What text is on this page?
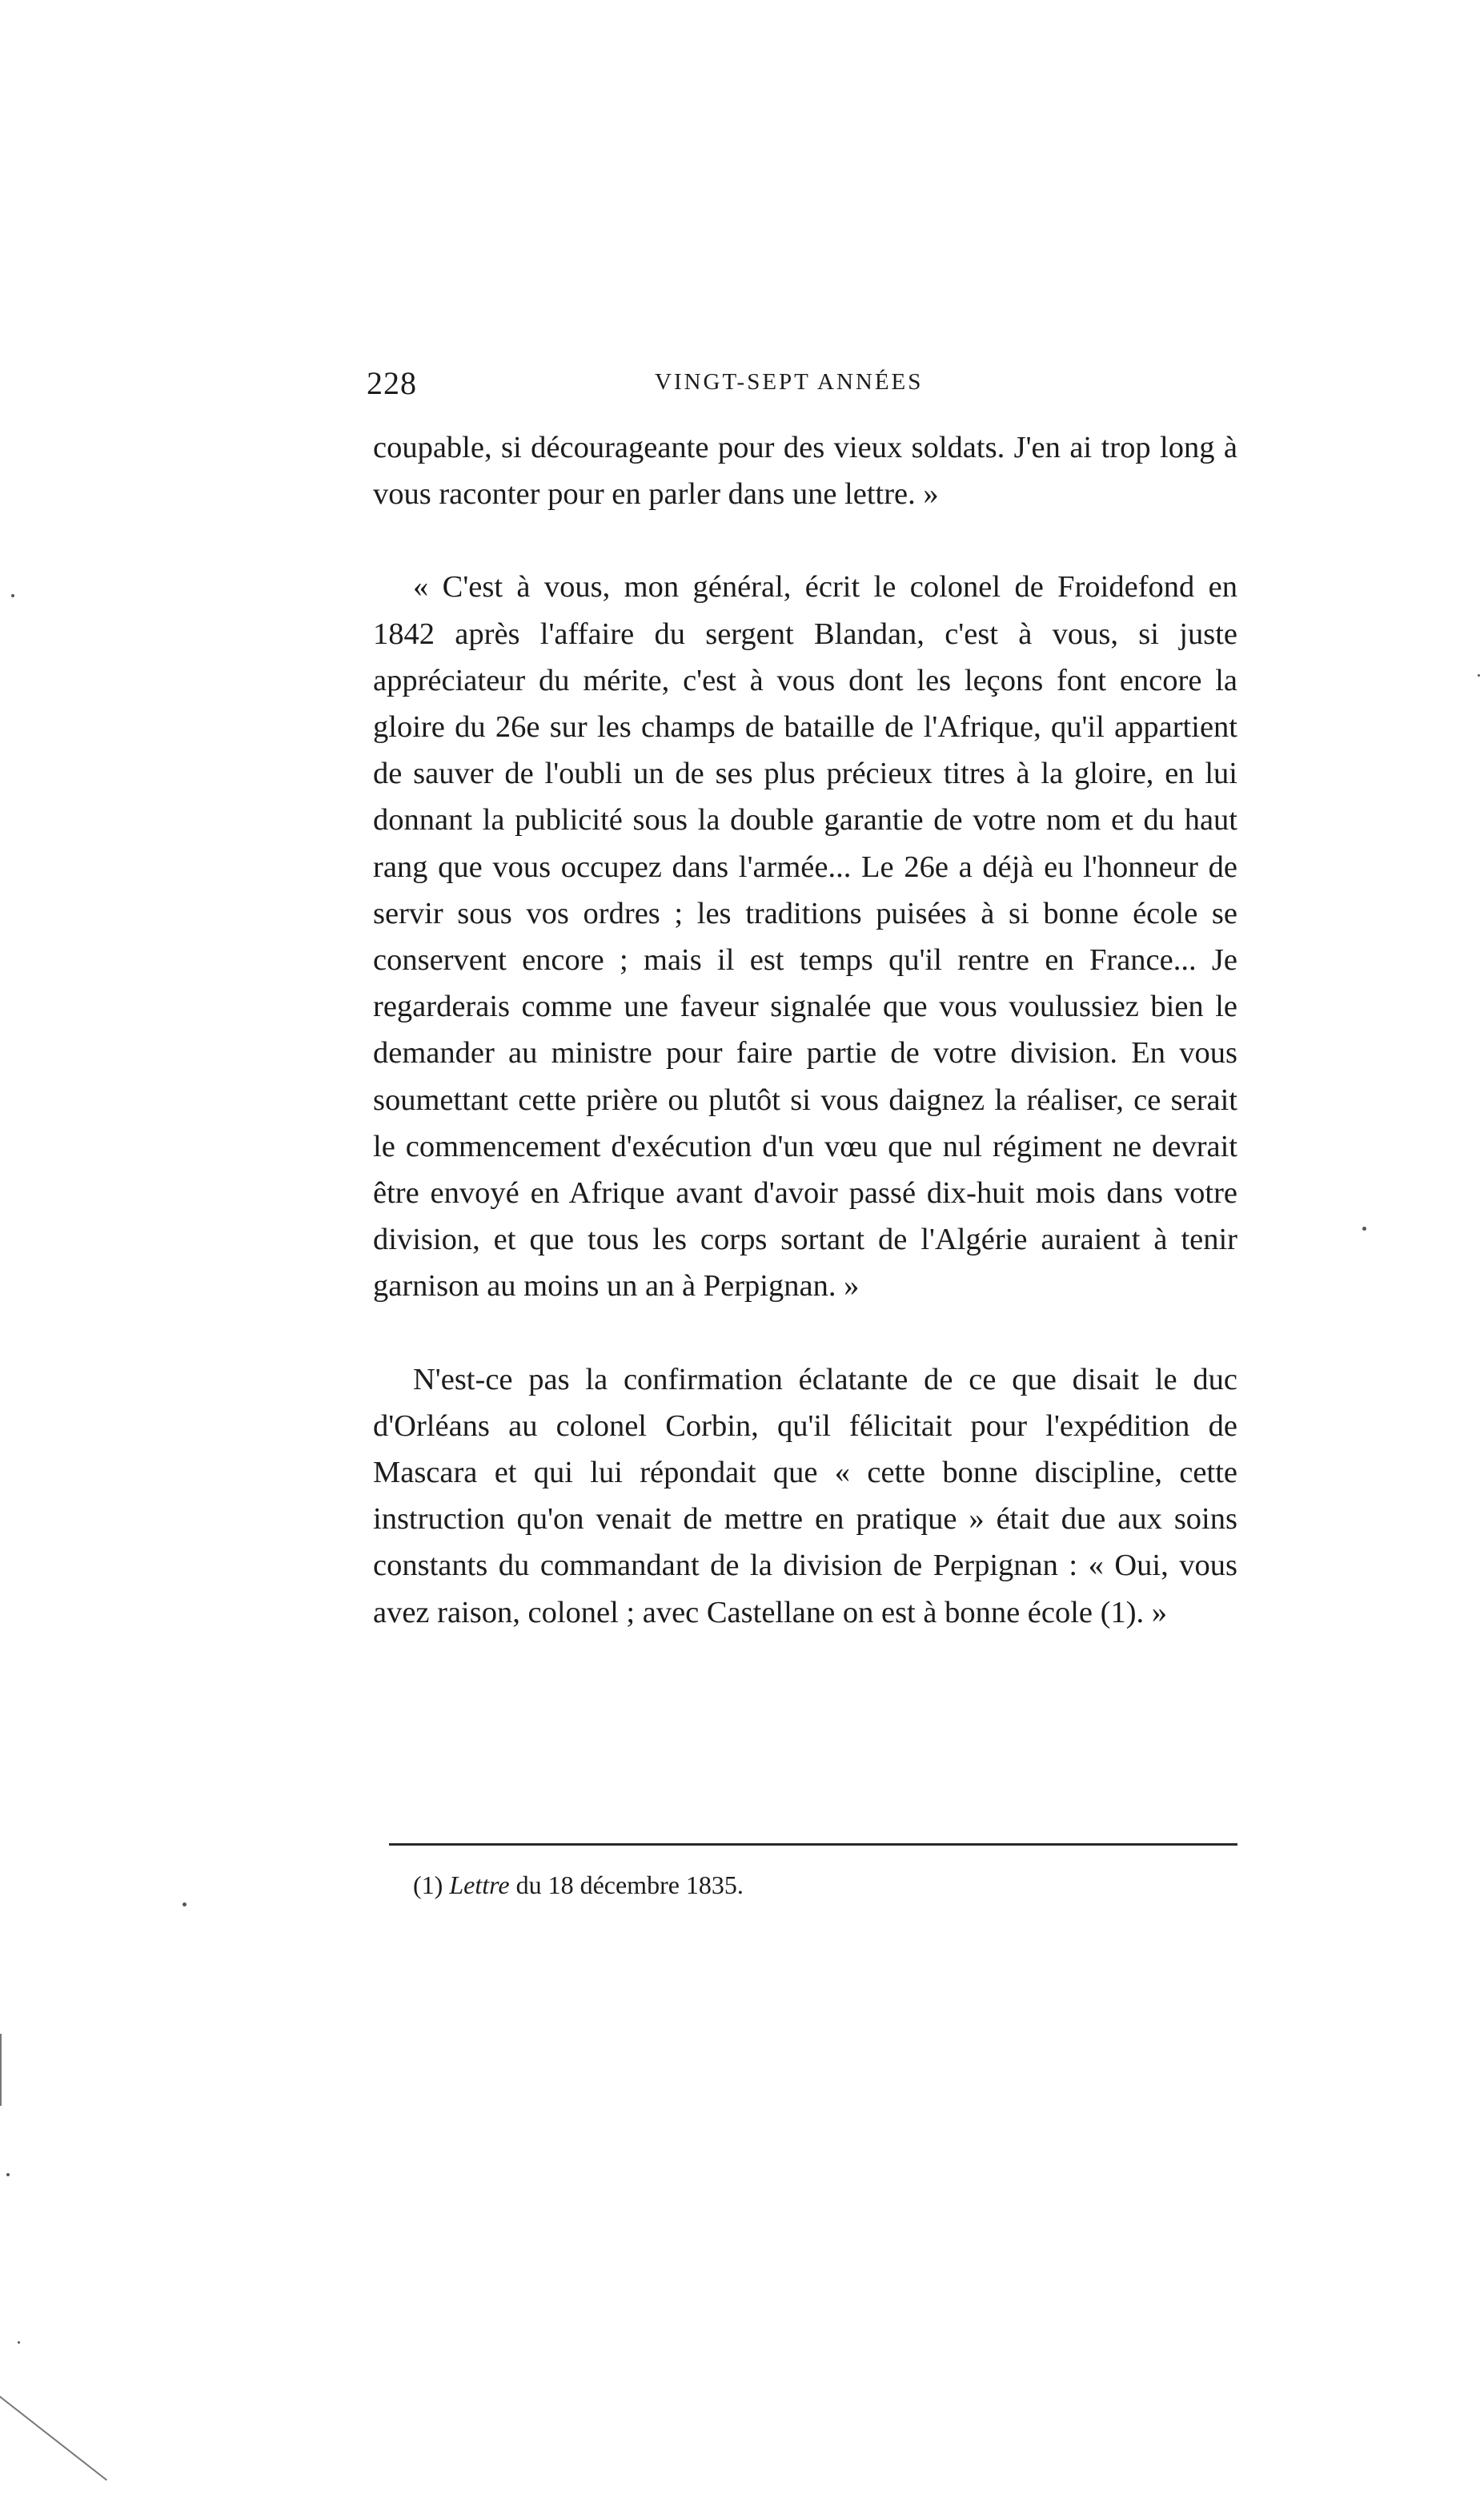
228	VINGT-SEPT ANNÉES

coupable, si décourageante pour des vieux soldats. J'en ai trop long à vous raconter pour en parler dans une lettre. »

« C'est à vous, mon général, écrit le colonel de Froidefond en 1842 après l'affaire du sergent Blandan, c'est à vous, si juste appréciateur du mérite, c'est à vous dont les leçons font encore la gloire du 26e sur les champs de bataille de l'Afrique, qu'il appartient de sauver de l'oubli un de ses plus précieux titres à la gloire, en lui donnant la publicité sous la double garantie de votre nom et du haut rang que vous occupez dans l'armée... Le 26e a déjà eu l'honneur de servir sous vos ordres ; les traditions puisées à si bonne école se conservent encore ; mais il est temps qu'il rentre en France... Je regarderais comme une faveur signalée que vous voulussiez bien le demander au ministre pour faire partie de votre division. En vous soumettant cette prière ou plutôt si vous daignez la réaliser, ce serait le commencement d'exécution d'un vœu que nul régiment ne devrait être envoyé en Afrique avant d'avoir passé dix-huit mois dans votre division, et que tous les corps sortant de l'Algérie auraient à tenir garnison au moins un an à Perpignan. »

N'est-ce pas la confirmation éclatante de ce que disait le duc d'Orléans au colonel Corbin, qu'il félicitait pour l'expédition de Mascara et qui lui répondait que « cette bonne discipline, cette instruction qu'on venait de mettre en pratique » était due aux soins constants du commandant de la division de Perpignan : « Oui, vous avez raison, colonel ; avec Castellane on est à bonne école (1). »

(1) Lettre du 18 décembre 1835.
